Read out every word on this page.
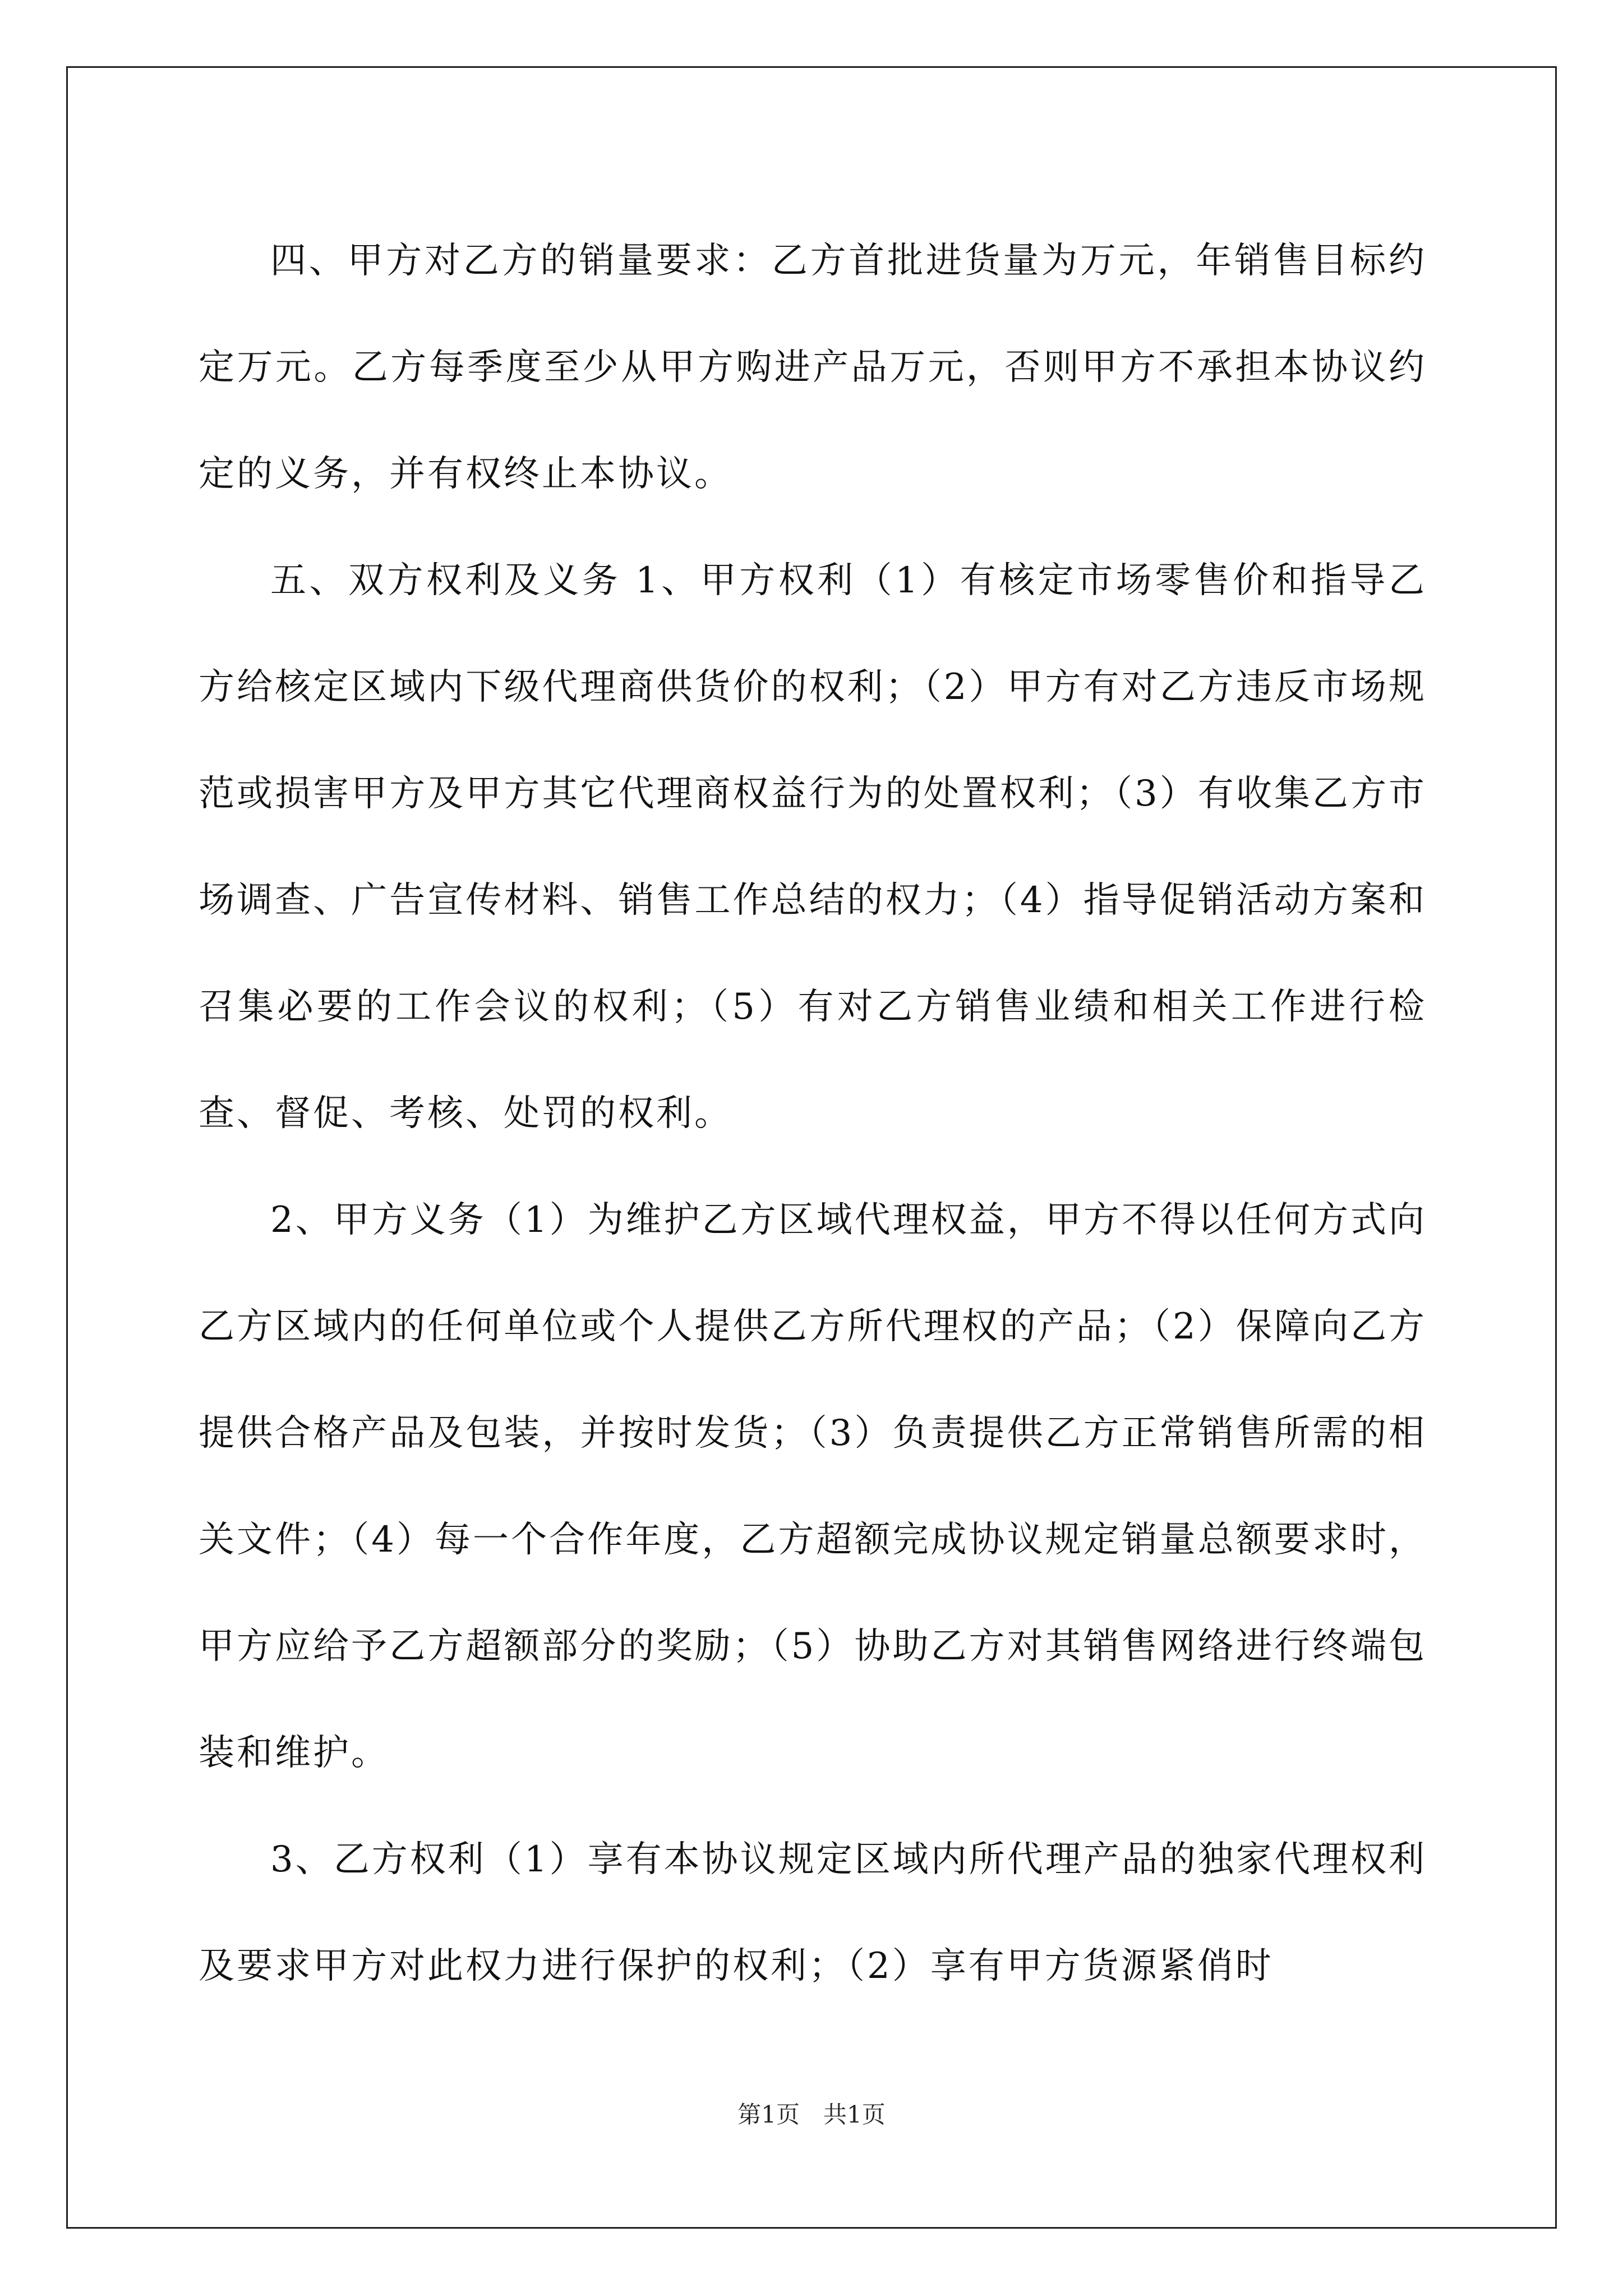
四、甲方对乙方的销量要求：乙方首批进货量为万元，年销售目标约定万元。乙方每季度至少从甲方购进产品万元，否则甲方不承担本协议约定的义务，并有权终止本协议。

五、双方权利及义务 1、甲方权利（1）有核定市场零售价和指导乙方给核定区域内下级代理商供货价的权利；（2）甲方有对乙方违反市场规范或损害甲方及甲方其它代理商权益行为的处置权利；（3）有收集乙方市场调查、广告宣传材料、销售工作总结的权力；（4）指导促销活动方案和召集必要的工作会议的权利；（5）有对乙方销售业绩和相关工作进行检查、督促、考核、处罚的权利。

2、甲方义务（1）为维护乙方区域代理权益，甲方不得以任何方式向乙方区域内的任何单位或个人提供乙方所代理权的产品；（2）保障向乙方提供合格产品及包装，并按时发货；（3）负责提供乙方正常销售所需的相关文件；（4）每一个合作年度，乙方超额完成协议规定销量总额要求时，甲方应给予乙方超额部分的奖励；（5）协助乙方对其销售网络进行终端包装和维护。

3、乙方权利（1）享有本协议规定区域内所代理产品的独家代理权利及要求甲方对此权力进行保护的权利；（2）享有甲方货源紧俏时

第1页　共1页
